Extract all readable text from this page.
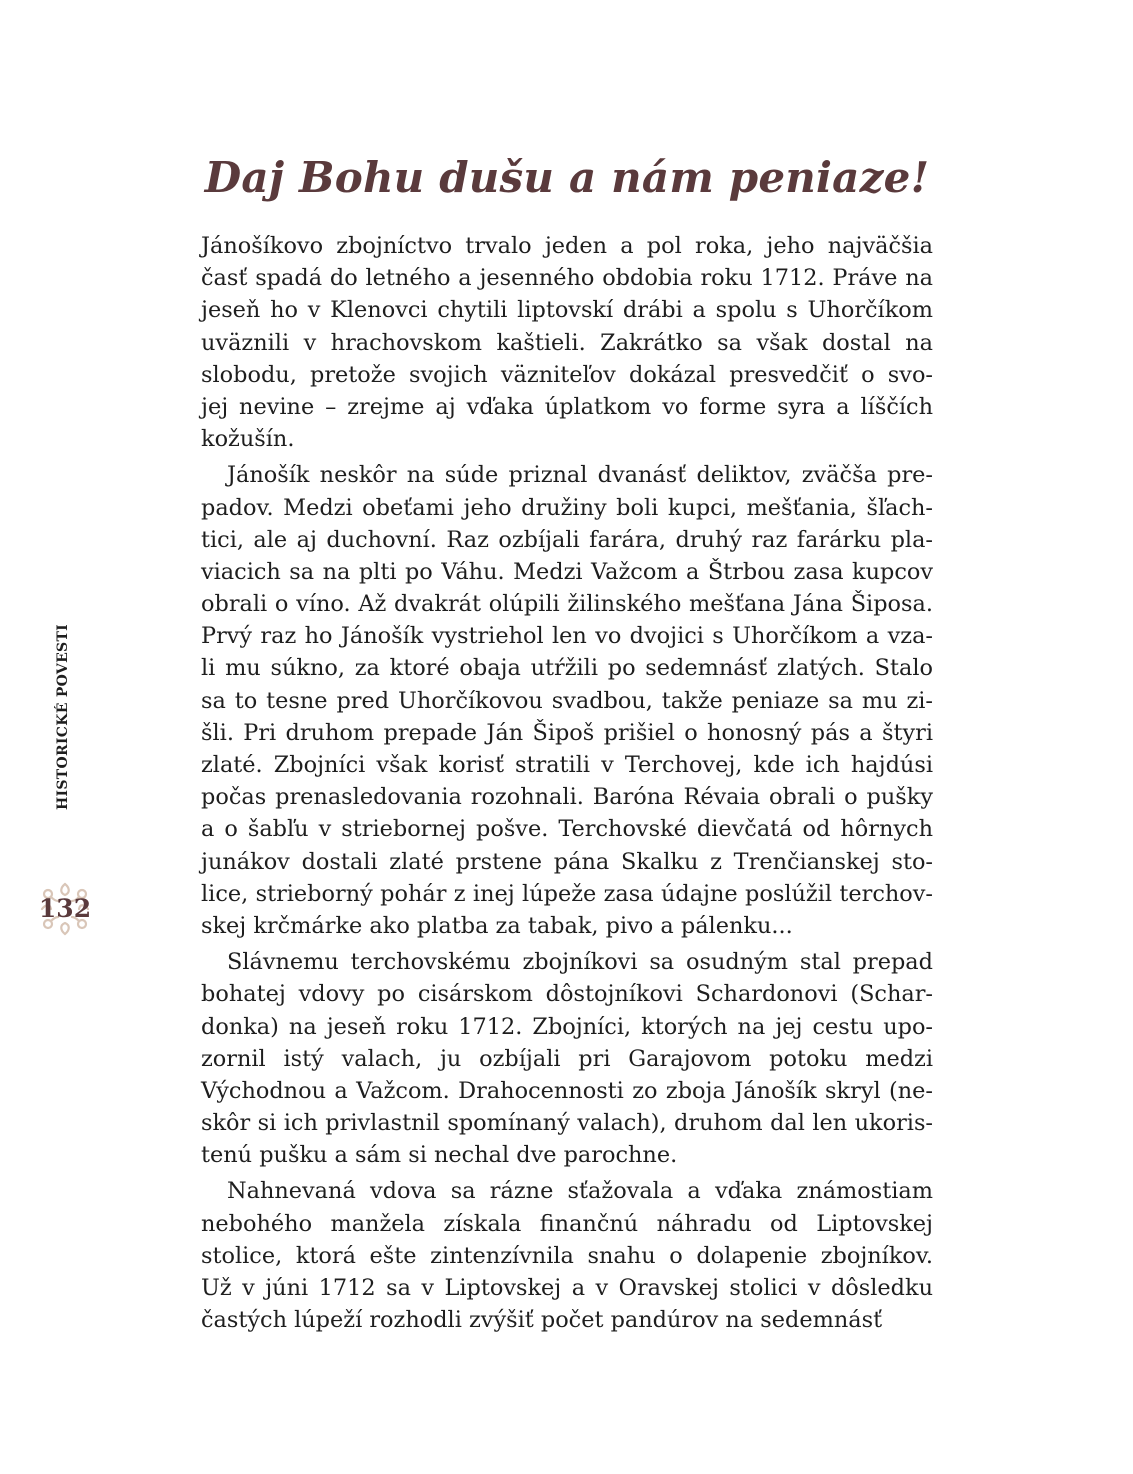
Daj Bohu dušu a nám peniaze!
Jánošíkovo zbojníctvo trvalo jeden a pol roka, jeho najväčšia
časť spadá do letného a jesenného obdobia roku 1712. Práve na
jeseň ho v Klenovci chytili liptovskí drábi a spolu s Uhorčíkom
uväznili v hrachovskom kaštieli. Zakrátko sa však dostal na
slobodu, pretože svojich väzniteľov dokázal presvedčiť o svo-
jej nevine – zrejme aj vďaka úplatkom vo forme syra a líščích
kožušín.
Jánošík neskôr na súde priznal dvanásť deliktov, zväčša pre-
padov. Medzi obeťami jeho družiny boli kupci, mešťania, šľach-
tici, ale aj duchovní. Raz ozbíjali farára, druhý raz farárku pla-
viacich sa na plti po Váhu. Medzi Važcom a Štrbou zasa kupcov
obrali o víno. Až dvakrát olúpili žilinského mešťana Jána Šiposa.
Prvý raz ho Jánošík vystriehol len vo dvojici s Uhorčíkom a vza-
li mu súkno, za ktoré obaja utŕžili po sedemnásť zlatých. Stalo
sa to tesne pred Uhorčíkovou svadbou, takže peniaze sa mu zi-
šli. Pri druhom prepade Ján Šipoš prišiel o honosný pás a štyri
zlaté. Zbojníci však korisť stratili v Terchovej, kde ich hajdúsi
počas prenasledovania rozohnali. Baróna Révaia obrali o pušky
a o šabľu v striebornej pošve. Terchovské dievčatá od hôrnych
junákov dostali zlaté prstene pána Skalku z Trenčianskej sto-
lice, strieborný pohár z inej lúpeže zasa údajne poslúžil terchov-
skej krčmárke ako platba za tabak, pivo a pálenku...
Slávnemu terchovskému zbojníkovi sa osudným stal prepad
bohatej vdovy po cisárskom dôstojníkovi Schardonovi (Schar-
donka) na jeseň roku 1712. Zbojníci, ktorých na jej cestu upo-
zornil istý valach, ju ozbíjali pri Garajovom potoku medzi
Východnou a Važcom. Drahocennosti zo zboja Jánošík skryl (ne-
skôr si ich privlastnil spomínaný valach), druhom dal len ukoris-
tenú pušku a sám si nechal dve parochne.
Nahnevaná vdova sa rázne sťažovala a vďaka známostiam
nebohého manžela získala finančnú náhradu od Liptovskej
stolice, ktorá ešte zintenzívnila snahu o dolapenie zbojníkov.
Už v júni 1712 sa v Liptovskej a v Oravskej stolici v dôsledku
častých lúpeží rozhodli zvýšiť počet pandúrov na sedemnásť
HISTORICKÉ POVESTI
132
